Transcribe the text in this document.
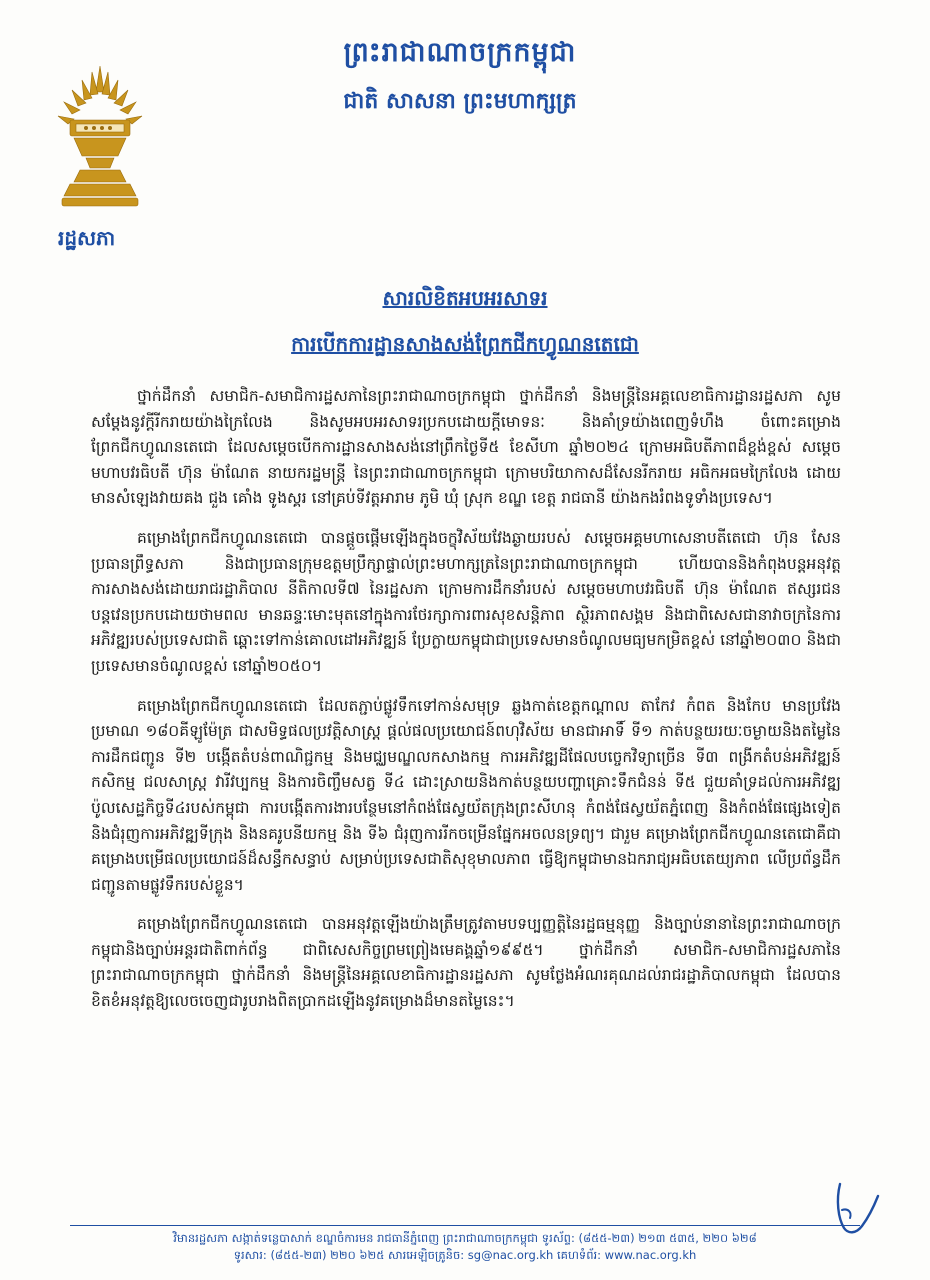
រដ្ឋសភា
ព្រះរាជាណាចក្រកម្ពុជា
ជាតិ សាសនា ព្រះមហាក្សត្រ
សារលិខិតអបអរសាទរ
ការបើកការដ្ឋានសាងសង់ព្រែកជីកហ្វូណនតេជោ

ថ្នាក់ដឹកនាំ សមាជិក-សមាជិការដ្ឋសភានៃព្រះរាជាណាចក្រកម្ពុជា ថ្នាក់ដឹកនាំ និងមន្ត្រីនៃអគ្គលេខាធិការដ្ឋានរដ្ឋសភា សូមសម្តែងនូវក្តីរីករាយយ៉ាងក្រៃលែង និងសូមអបអរសាទរប្រកបដោយក្តីមោទនៈ និងគាំទ្រយ៉ាងពេញទំហឹង ចំពោះគម្រោងព្រែកជីកហ្វូណនតេជោ ដែលសម្តេចបើកការដ្ឋានសាងសង់នៅព្រឹកថ្ងៃទី៥ ខែសីហា ឆ្នាំ២០២៤ ក្រោមអធិបតីភាពដ៏ខ្ពង់ខ្ពស់ សម្តេចមហាបវរធិបតី ហ៊ុន ម៉ាណែត នាយករដ្ឋមន្ត្រី នៃព្រះរាជាណាចក្រកម្ពុជា ក្រោមបរិយាកាសដ៏សែនរីករាយ អធិកអធមក្រៃលែង ដោយមានសំឡេងវាយគង ជួង គោំង ទូងស្គរ នៅគ្រប់ទីវត្តអារាម ភូមិ ឃុំ ស្រុក ខណ្ឌ ខេត្ត រាជធានី យ៉ាងកងរំពងទូទាំងប្រទេស។

គម្រោងព្រែកជីកហ្វូណនតេជោ បានផ្តួចផ្តើមឡើងក្នុងចក្ខុវិស័យវែងឆ្ងាយរបស់ សម្តេចអគ្គមហាសេនាបតីតេជោ ហ៊ុន សែន ប្រធានព្រឹទ្ធសភា និងជាប្រធានក្រុមឧត្តមប្រឹក្សាផ្ទាល់ព្រះមហាក្សត្រនៃព្រះរាជាណាចក្រកម្ពុជា ហើយបាននិងកំពុងបន្តអនុវត្តការសាងសង់ដោយរាជរដ្ឋាភិបាល នីតិកាលទី៧ នៃរដ្ឋសភា ក្រោមការដឹកនាំរបស់ សម្តេចមហាបវរធិបតី ហ៊ុន ម៉ាណែត ឥស្សរជនបន្តវេនប្រកបដោយថាមពល មានឆន្ទៈមោះមុតនៅក្នុងការថែរក្សាការពារសុខសន្តិភាព ស្ថិរភាពសង្គម និងជាពិសេសជានាវាចក្រនៃការអភិវឌ្ឍរបស់ប្រទេសជាតិ ឆ្ពោះទៅកាន់គោលដៅអភិវឌ្ឍន៍ ប្រែក្លាយកម្ពុជាជាប្រទេសមានចំណូលមធ្យមកម្រិតខ្ពស់ នៅឆ្នាំ២០៣០ និងជាប្រទេសមានចំណូលខ្ពស់ នៅឆ្នាំ២០៥០។

គម្រោងព្រែកជីកហ្វូណនតេជោ ដែលតភ្ជាប់ផ្លូវទឹកទៅកាន់សមុទ្រ ឆ្លងកាត់ខេត្តកណ្តាល តាកែវ កំពត និងកែប មានប្រវែងប្រមាណ ១៨០គីឡូម៉ែត្រ ជាសមិទ្ធផលប្រវត្តិសាស្ត្រ ផ្តល់ផលប្រយោជន៍ពហុវិស័យ មានជាអាទិ៍ ទី១ កាត់បន្ថយរយៈចម្ងាយនិងតម្លៃនៃការដឹកជញ្ជូន ទី២ បង្កើតតំបន់ពាណិជ្ជកម្ម និងមជ្ឈមណ្ឌលកសាងកម្ម ការអភិវឌ្ឍដីផែលបច្ចេកវិទ្យាច្រើន ទី៣ ពង្រីកតំបន់អភិវឌ្ឍន៍កសិកម្ម ជលសាស្ត្រ វារីវប្បកម្ម និងការចិញ្ចឹមសត្វ ទី៤ ដោះស្រាយនិងកាត់បន្ថយបញ្ហាគ្រោះទឹកជំនន់ ទី៥ ជួយគាំទ្រដល់ការអភិវឌ្ឍប៉ូលសេដ្ឋកិច្ចទី៤របស់កម្ពុជា ការបង្កើតការងារបន្ថែមនៅកំពង់ផែស្វយ័តក្រុងព្រះសីហនុ កំពង់ផែស្វយ័តភ្នំពេញ និងកំពង់ផែផ្សេងទៀត និងជំរុញការអភិវឌ្ឍទីក្រុង និងនគរូបនីយកម្ម និង ទី៦ ជំរុញការរីកចម្រើនផ្នែកអចលនទ្រព្យ។ ជារួម គម្រោងព្រែកជីកហ្វូណនតេជោគឺជាគម្រោងបម្រើផលប្រយោជន៍ដ៏សន្ធឹកសន្ធាប់ សម្រាប់ប្រទេសជាតិសុខុមាលភាព ធ្វើឱ្យកម្ពុជាមានឯករាជ្យអធិបតេយ្យភាព លើប្រព័ន្ធដឹកជញ្ជូនតាមផ្លូវទឹករបស់ខ្លួន។

គម្រោងព្រែកជីកហ្វូណនតេជោ បានអនុវត្តឡើងយ៉ាងត្រឹមត្រូវតាមបទប្បញ្ញត្តិនៃរដ្ឋធម្មនុញ្ញ និងច្បាប់នានានៃព្រះរាជាណាចក្រកម្ពុជានិងច្បាប់អន្តរជាតិពាក់ព័ន្ធ ជាពិសេសកិច្ចព្រមព្រៀងមេគង្គឆ្នាំ១៩៩៥។ ថ្នាក់ដឹកនាំ សមាជិក-សមាជិការដ្ឋសភានៃព្រះរាជាណាចក្រកម្ពុជា ថ្នាក់ដឹកនាំ និងមន្ត្រីនៃអគ្គលេខាធិការដ្ឋានរដ្ឋសភា សូមថ្លែងអំណរគុណដល់រាជរដ្ឋាភិបាលកម្ពុជា ដែលបានខិតខំអនុវត្តឱ្យលេចចេញជារូបរាងពិតប្រាកដឡើងនូវគម្រោងដ៏មានតម្លៃនេះ។

វិមានរដ្ឋសភា សង្កាត់ទន្លេបាសាក់ ខណ្ឌចំការមន រាជធានីភ្នំពេញ ព្រះរាជាណាចក្រកម្ពុជា ទូរស័ព្ទ: (៨៥៥-២៣) ២១៣ ៥៣៥, ២២០ ៦២៨
ទូរសារ: (៨៥៥-២៣) ២២០ ៦២៥ សារអេឡិចត្រូនិច: sg@nac.org.kh គេហទំព័រ: www.nac.org.kh
